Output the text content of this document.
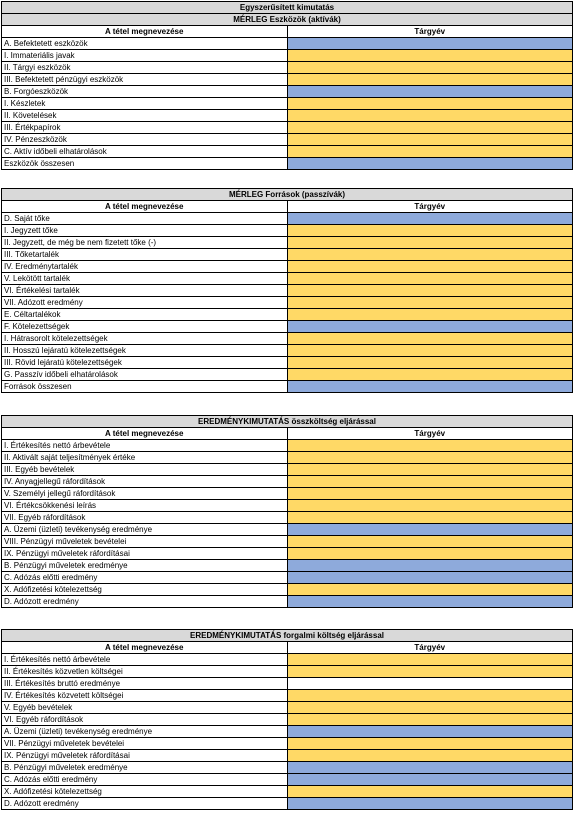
Egyszerűsített kimutatás	
MÉRLEG Eszközök (aktívák)	
A tétel megnevezése	Tárgyév
A. Befektetett eszközök	
I. Immateriális javak	
II. Tárgyi eszközök	
III. Befektetett pénzügyi eszközök	
B. Forgóeszközök	
I. Készletek	
II. Követelések	
III. Értékpapírok	
IV. Pénzeszközök	
C. Aktív időbeli elhatárolások	
Eszközök összesen	
MÉRLEG Források (passzívák)	
A tétel megnevezése	Tárgyév
D. Saját tőke	
I. Jegyzett tőke	
II. Jegyzett, de még be nem fizetett tőke (-)	
III. Tőketartalék	
IV. Eredménytartalék	
V. Lekötött tartalék	
VI. Értékelési tartalék	
VII. Adózott eredmény	
E. Céltartalékok	
F. Kötelezettségek	
I. Hátrasorolt kötelezettségek	
II. Hosszú lejáratú kötelezettségek	
III. Rövid lejáratú kötelezettségek	
G. Passzív időbeli elhatárolások	
Források összesen	
EREDMÉNYKIMUTATÁS összköltség eljárással	
A tétel megnevezése	Tárgyév
I. Értékesítés nettó árbevétele	
II. Aktivált saját teljesítmények értéke	
III. Egyéb bevételek	
IV. Anyagjellegű ráfordítások	
V. Személyi jellegű ráfordítások	
VI. Értékcsökkenési leírás	
VII. Egyéb ráfordítások	
A. Üzemi (üzleti) tevékenység eredménye	
VIII. Pénzügyi műveletek bevételei	
IX. Pénzügyi műveletek ráfordításai	
B. Pénzügyi műveletek eredménye	
C. Adózás előtti eredmény	
X. Adófizetési kötelezettség	
D. Adózott eredmény	
EREDMÉNYKIMUTATÁS forgalmi költség eljárással	
A tétel megnevezése	Tárgyév
I. Értékesítés nettó árbevétele	
II. Értékesítés közvetlen költségei	
III. Értékesítés bruttó eredménye	
IV. Értékesítés közvetett költségei	
V. Egyéb bevételek	
VI. Egyéb ráfordítások	
A. Üzemi (üzleti) tevékenység eredménye	
VII. Pénzügyi műveletek bevételei	
IX. Pénzügyi műveletek ráfordításai	
B. Pénzügyi műveletek eredménye	
C. Adózás előtti eredmény	
X. Adófizetési kötelezettség	
D. Adózott eredmény	
